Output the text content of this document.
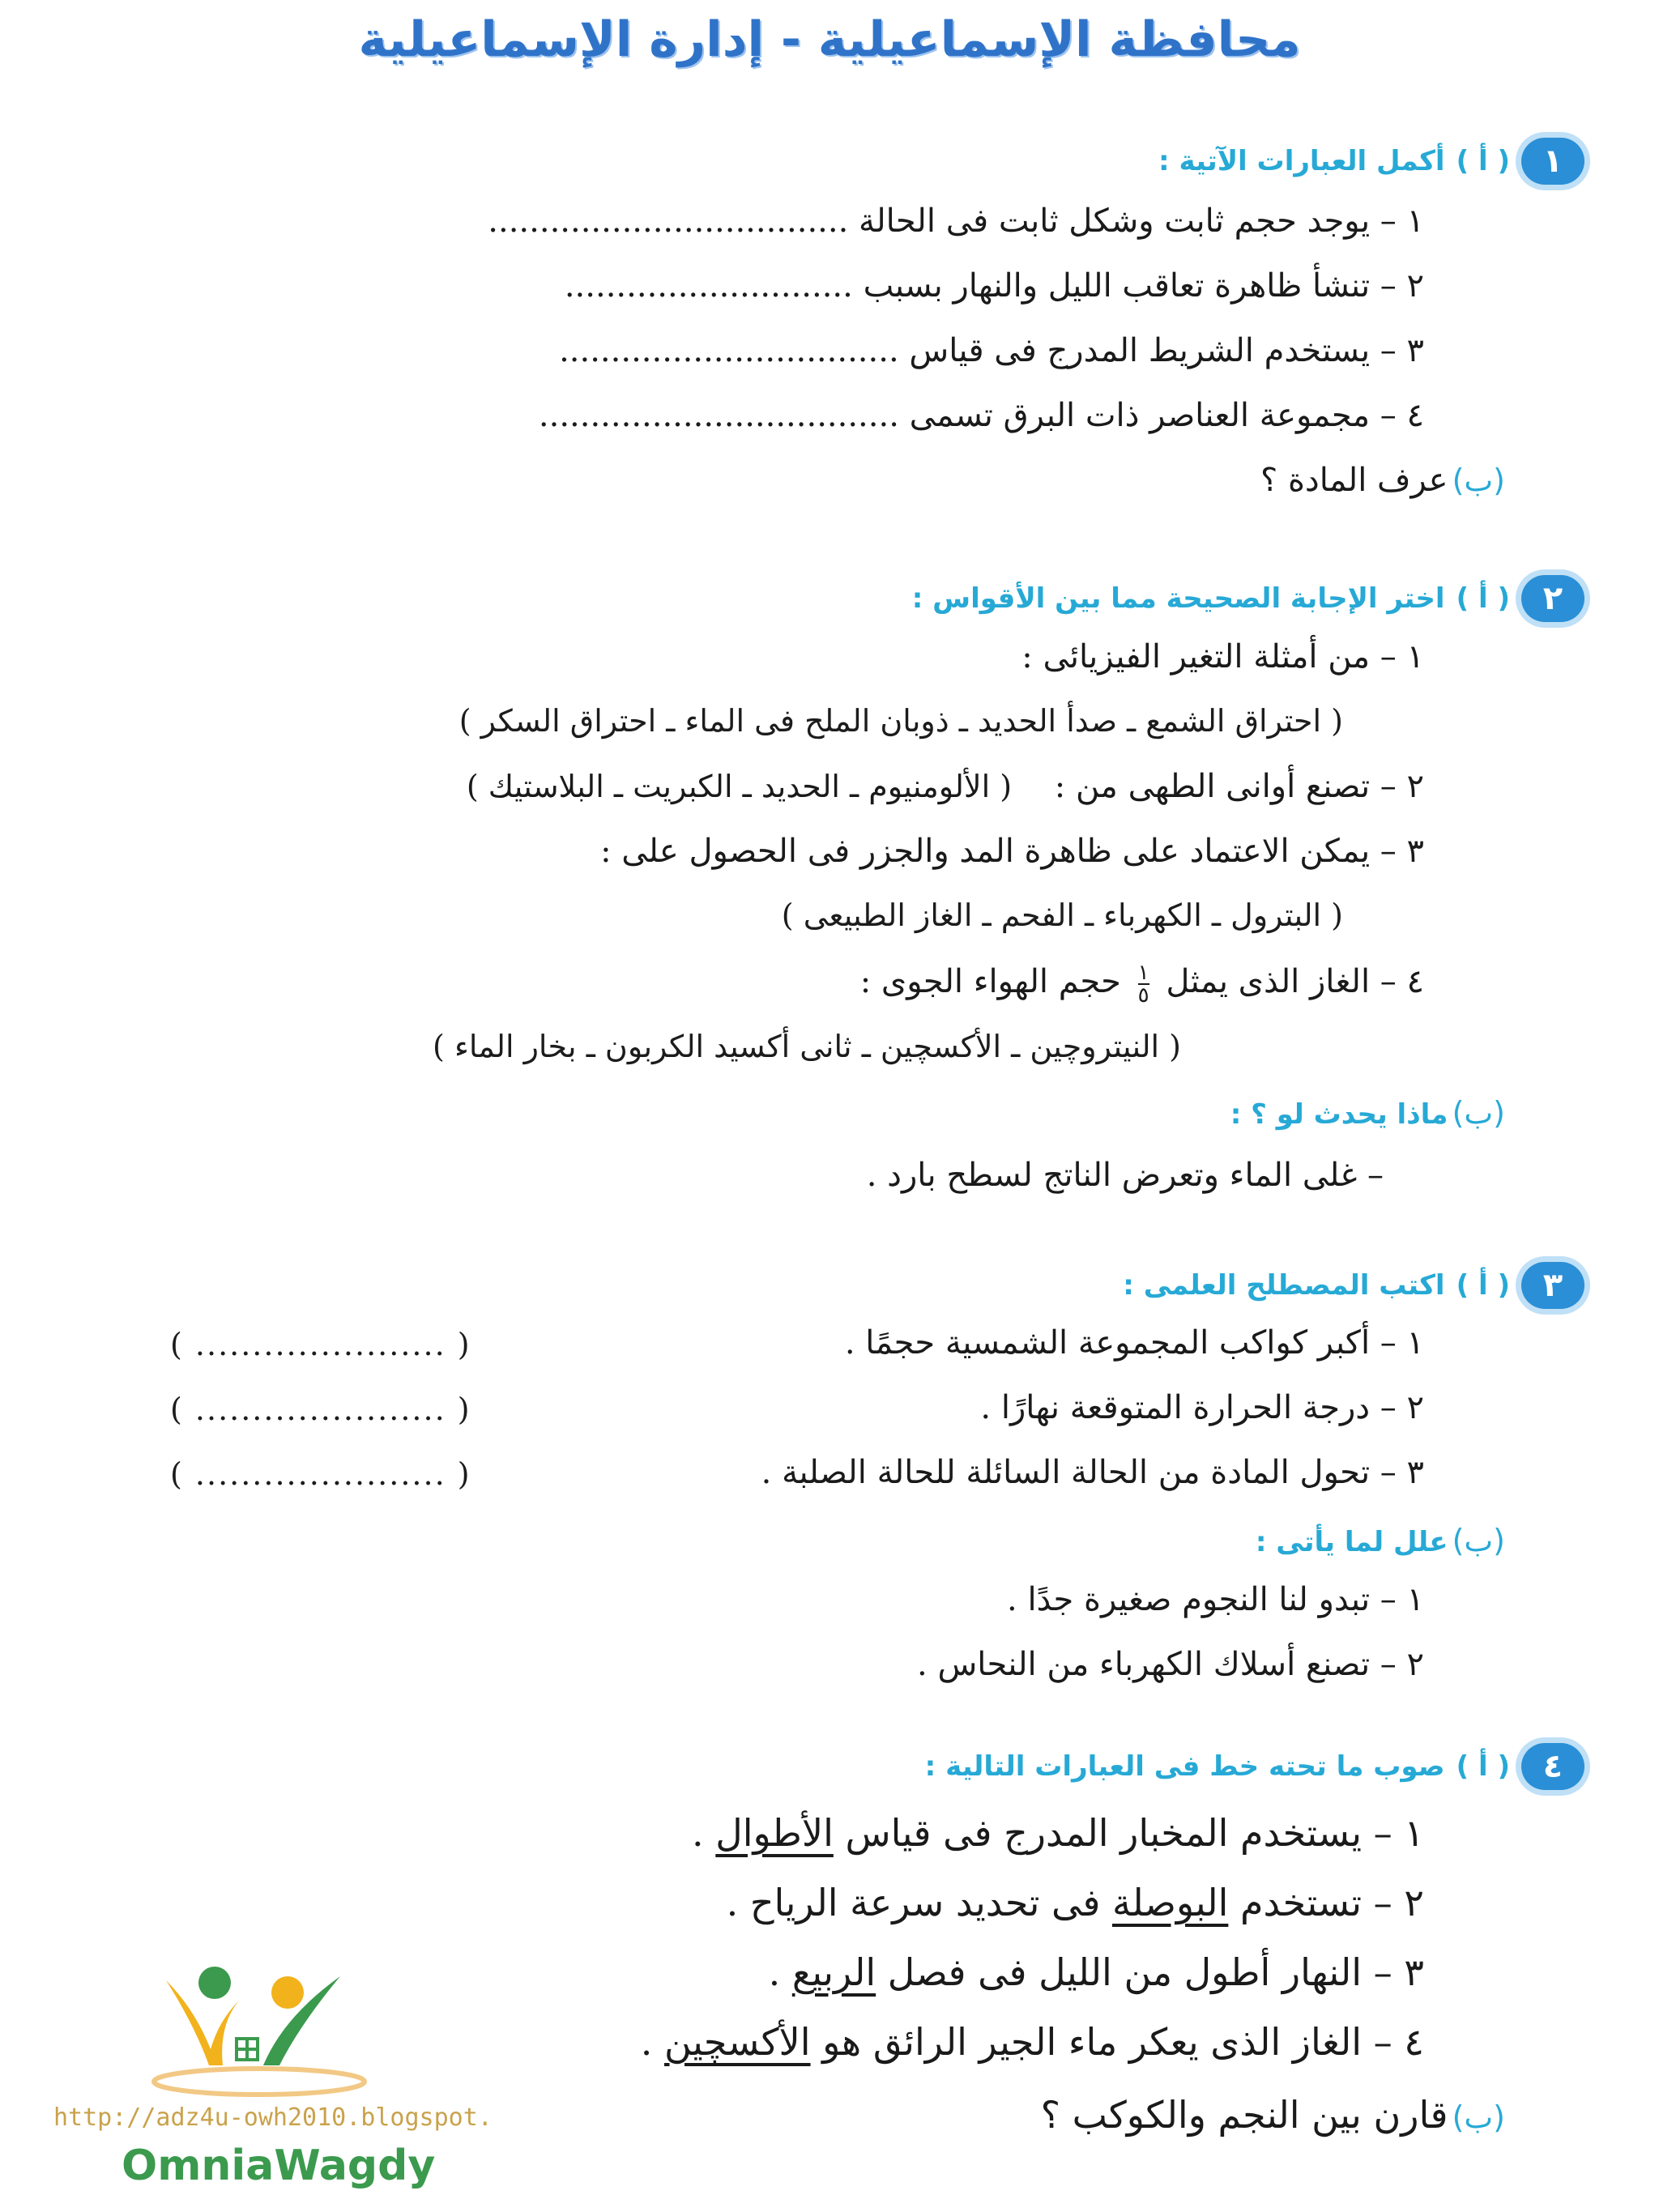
محافظة الإسماعيلية - إدارة الإسماعيلية
١
( أ )
أكمل العبارات الآتية :
١ – يوجد حجم ثابت وشكل ثابت فى الحالة ...................................
٢ – تنشأ ظاهرة تعاقب الليل والنهار بسبب ............................
٣ – يستخدم الشريط المدرج فى قياس .................................
٤ – مجموعة العناصر ذات البرق تسمى ...................................
(ب) عرف المادة ؟
٢
( أ )
اختر الإجابة الصحيحة مما بين الأقواس :
١ – من أمثلة التغير الفيزيائى :
( احتراق الشمع ـ صدأ الحديد ـ ذوبان الملح فى الماء ـ احتراق السكر )
٢ – تصنع أوانى الطهى من : ( الألومنيوم ـ الحديد ـ الكبريت ـ البلاستيك )
٣ – يمكن الاعتماد على ظاهرة المد والجزر فى الحصول على :
( البترول ـ الكهرباء ـ الفحم ـ الغاز الطبيعى )
٤ – الغاز الذى يمثل
$\frac{١}{٥}$
حجم الهواء الجوى :
( النيتروچين ـ الأكسچين ـ ثانى أكسيد الكربون ـ بخار الماء )
(ب) ماذا يحدث لو ؟ :
– غلى الماء وتعرض الناتج لسطح بارد .
٣
( أ )
اكتب المصطلح العلمى :
١ – أكبر كواكب المجموعة الشمسية حجمًا .
( ...................... )
٢ – درجة الحرارة المتوقعة نهارًا .
( ...................... )
٣ – تحول المادة من الحالة السائلة للحالة الصلبة .
( ...................... )
(ب) علل لما يأتى :
١ – تبدو لنا النجوم صغيرة جدًا .
٢ – تصنع أسلاك الكهرباء من النحاس .
٤
( أ )
صوب ما تحته خط فى العبارات التالية :
١ – يستخدم المخبار المدرج فى قياس الأطوال .
٢ – تستخدم البوصلة فى تحديد سرعة الرياح .
٣ – النهار أطول من الليل فى فصل الربيع .
٤ – الغاز الذى يعكر ماء الجير الرائق هو الأكسچين .
(ب) قارن بين النجم والكوكب ؟
http://adz4u-owh2010.blogspot.
OmniaWagdy
